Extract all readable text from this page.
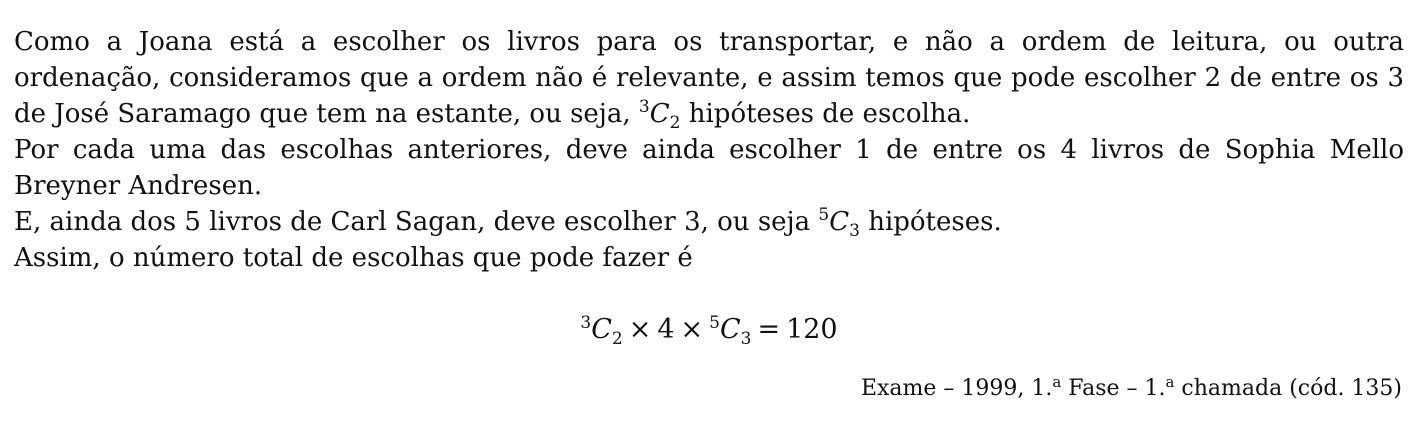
Como a Joana está a escolher os livros para os transportar, e não a ordem de leitura, ou outra ordenação, consideramos que a ordem não é relevante, e assim temos que pode escolher 2 de entre os 3 de José Saramago que tem na estante, ou seja, $^3C_2$ hipóteses de escolha.

Por cada uma das escolhas anteriores, deve ainda escolher 1 de entre os 4 livros de Sophia Mello Breyner Andresen.

E, ainda dos 5 livros de Carl Sagan, deve escolher 3, ou seja $^5C_3$ hipóteses.

Assim, o número total de escolhas que pode fazer é

$^3C_2 \times 4 \times ^5C_3 = 120$
Exame – 1999, 1.$^a$ Fase – 1.$^a$ chamada (cód. 135)
